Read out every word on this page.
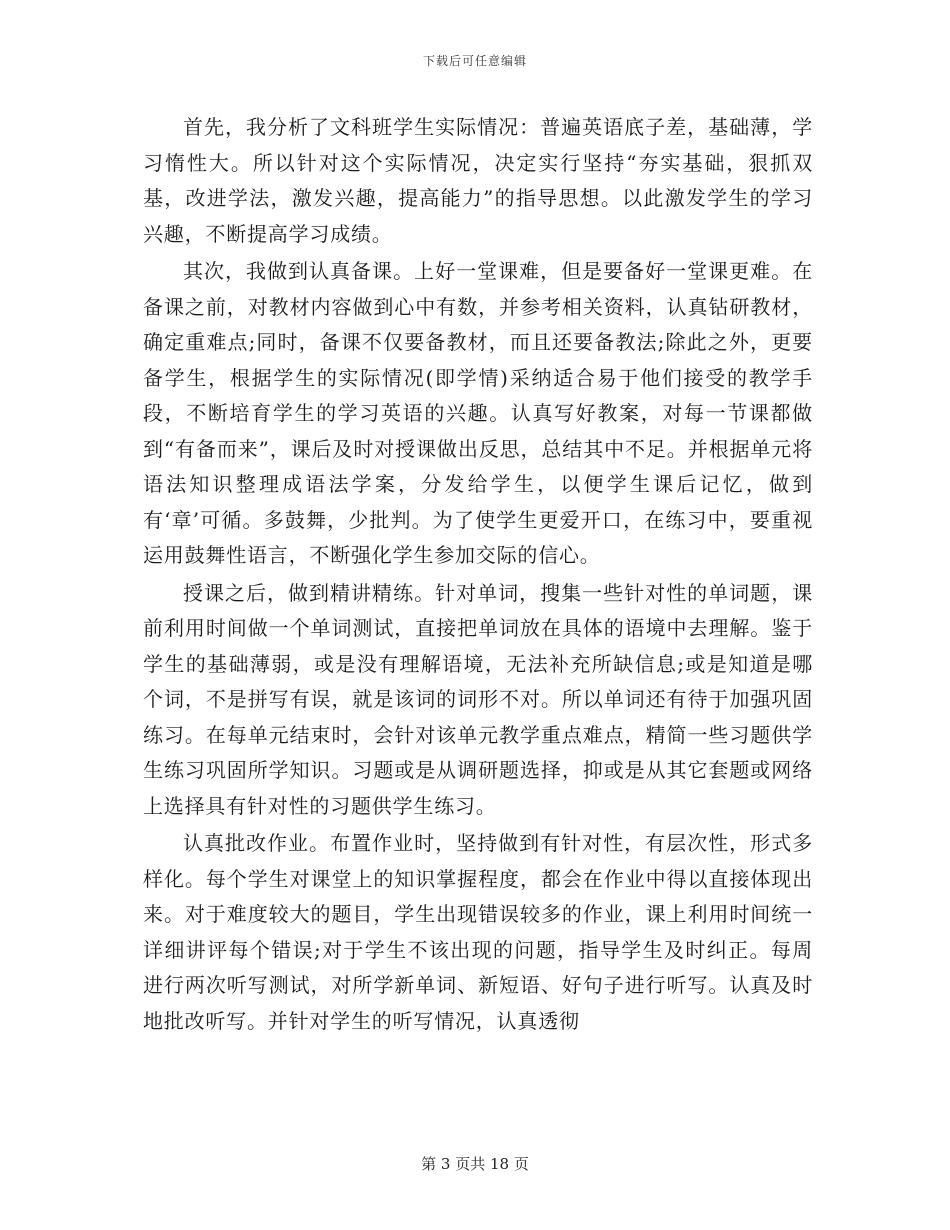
下载后可任意编辑

首先，我分析了文科班学生实际情况：普遍英语底子差，基础薄，学习惰性大。所以针对这个实际情况，决定实行坚持“夯实基础，狠抓双基，改进学法，激发兴趣，提高能力”的指导思想。以此激发学生的学习兴趣，不断提高学习成绩。

其次，我做到认真备课。上好一堂课难，但是要备好一堂课更难。在备课之前，对教材内容做到心中有数，并参考相关资料，认真钻研教材，确定重难点;同时，备课不仅要备教材，而且还要备教法;除此之外，更要备学生，根据学生的实际情况(即学情)采纳适合易于他们接受的教学手段，不断培育学生的学习英语的兴趣。认真写好教案，对每一节课都做到“有备而来”，课后及时对授课做出反思，总结其中不足。并根据单元将语法知识整理成语法学案，分发给学生，以便学生课后记忆，做到有‘章’可循。多鼓舞，少批判。为了使学生更爱开口，在练习中，要重视运用鼓舞性语言，不断强化学生参加交际的信心。

授课之后，做到精讲精练。针对单词，搜集一些针对性的单词题，课前利用时间做一个单词测试，直接把单词放在具体的语境中去理解。鉴于学生的基础薄弱，或是没有理解语境，无法补充所缺信息;或是知道是哪个词，不是拼写有误，就是该词的词形不对。所以单词还有待于加强巩固练习。在每单元结束时，会针对该单元教学重点难点，精简一些习题供学生练习巩固所学知识。习题或是从调研题选择，抑或是从其它套题或网络上选择具有针对性的习题供学生练习。

认真批改作业。布置作业时，坚持做到有针对性，有层次性，形式多样化。每个学生对课堂上的知识掌握程度，都会在作业中得以直接体现出来。对于难度较大的题目，学生出现错误较多的作业，课上利用时间统一详细讲评每个错误;对于学生不该出现的问题，指导学生及时纠正。每周进行两次听写测试，对所学新单词、新短语、好句子进行听写。认真及时地批改听写。并针对学生的听写情况，认真透彻

第 3 页共 18 页
